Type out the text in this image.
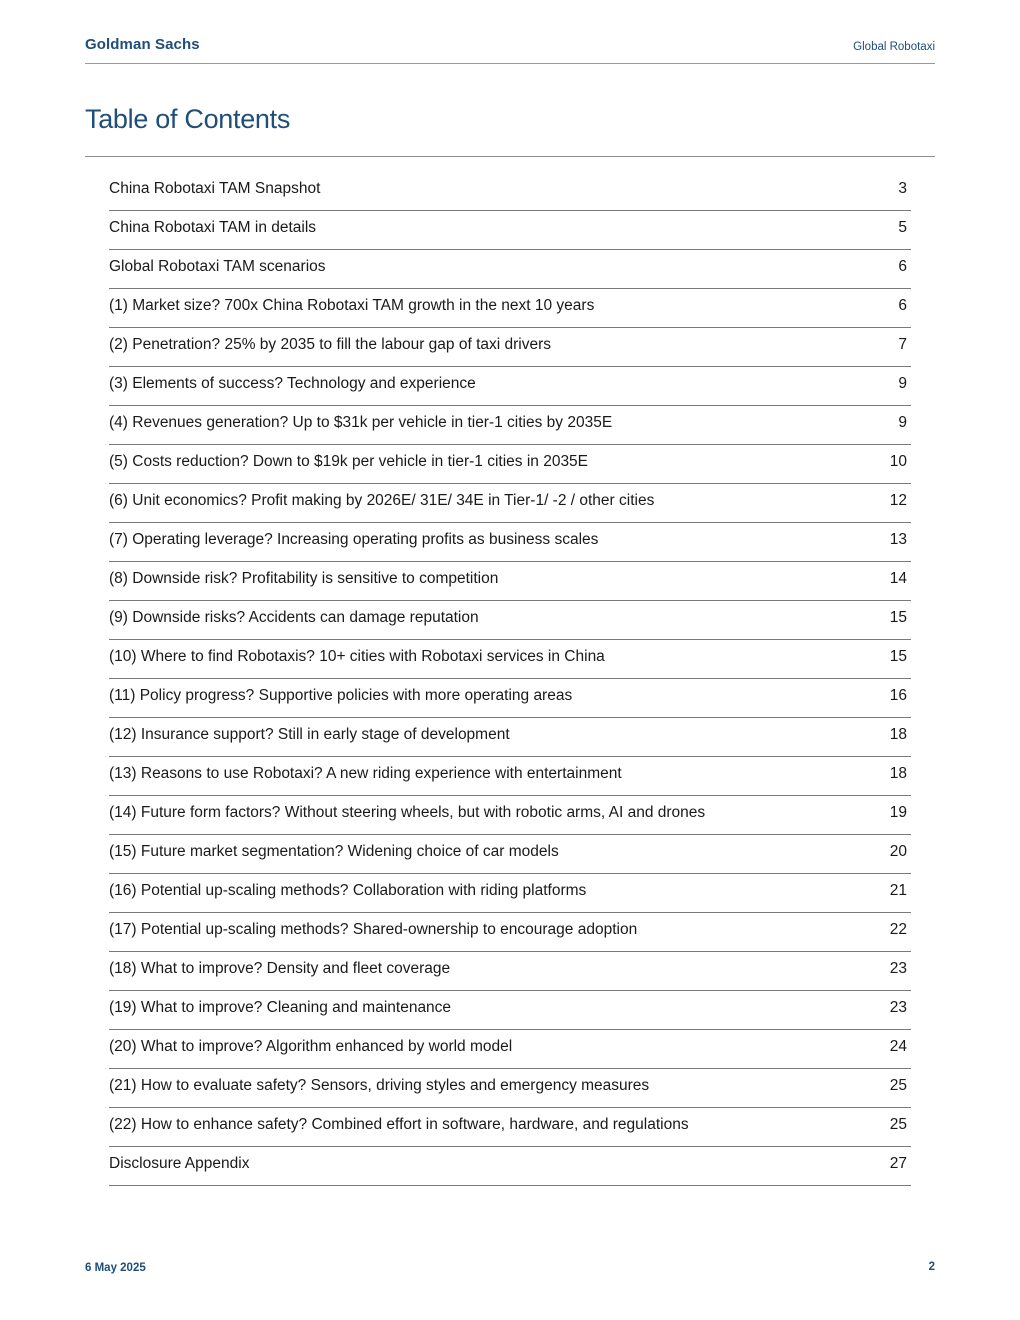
Goldman Sachs	Global Robotaxi
Table of Contents
China Robotaxi TAM Snapshot	3
China Robotaxi TAM in details	5
Global Robotaxi TAM scenarios	6
(1) Market size? 700x China Robotaxi TAM growth in the next 10 years	6
(2) Penetration? 25% by 2035 to fill the labour gap of taxi drivers	7
(3) Elements of success? Technology and experience	9
(4) Revenues generation? Up to $31k per vehicle in tier-1 cities by 2035E	9
(5) Costs reduction? Down to $19k per vehicle in tier-1 cities in 2035E	10
(6) Unit economics? Profit making by 2026E/ 31E/ 34E in Tier-1/ -2 / other cities	12
(7) Operating leverage? Increasing operating profits as business scales	13
(8) Downside risk? Profitability is sensitive to competition	14
(9) Downside risks? Accidents can damage reputation	15
(10) Where to find Robotaxis? 10+ cities with Robotaxi services in China	15
(11) Policy progress? Supportive policies with more operating areas	16
(12) Insurance support? Still in early stage of development	18
(13) Reasons to use Robotaxi? A new riding experience with entertainment	18
(14) Future form factors? Without steering wheels, but with robotic arms, AI and drones	19
(15) Future market segmentation? Widening choice of car models	20
(16) Potential up-scaling methods? Collaboration with riding platforms	21
(17) Potential up-scaling methods? Shared-ownership to encourage adoption	22
(18) What to improve? Density and fleet coverage	23
(19) What to improve? Cleaning and maintenance	23
(20) What to improve? Algorithm enhanced by world model	24
(21) How to evaluate safety? Sensors, driving styles and emergency measures	25
(22) How to enhance safety? Combined effort in software, hardware, and regulations	25
Disclosure Appendix	27
6 May 2025	2
